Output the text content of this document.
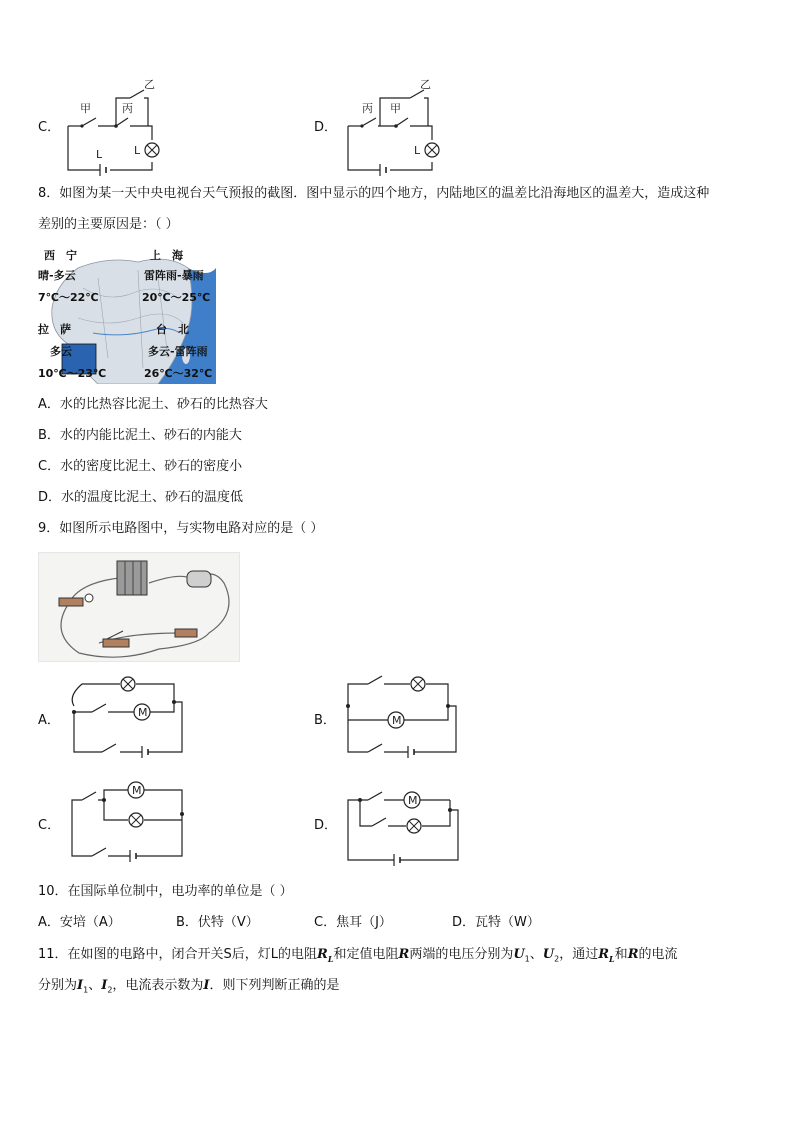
C．
L
甲	丙
乙
L
D．
丙 甲
乙
L
8．如图为某一天中央电视台天气预报的截图．图中显示的四个地方，内陆地区的温差比沿海地区的温差大，造成这种
差别的主要原因是：（ ）
西　宁
晴-多云
7℃～22℃
上　海
雷阵雨-暴雨
20℃～25℃
拉　萨
多云
10℃～23℃
台　北
多云-雷阵雨
26℃～32℃
A．水的比热容比泥土、砂石的比热容大
B．水的内能比泥土、砂石的内能大
C．水的密度比泥土、砂石的密度小
D．水的温度比泥土、砂石的温度低
9．如图所示电路图中，与实物电路对应的是（ ）
A．
M
B．	M
C．
M
D．
M
10．在国际单位制中，电功率的单位是（ ）
A．安培（A）	B．伏特（V）	C．焦耳（J）	D．瓦特（W）
11．在如图的电路中，闭合开关S后，灯L的电阻$R_L$和定值电阻R两端的电压分别为$U_1$、$U_2$，通过$R_L$和R的电流
分别为$I_1$、$I_2$，电流表示数为I．则下列判断正确的是
